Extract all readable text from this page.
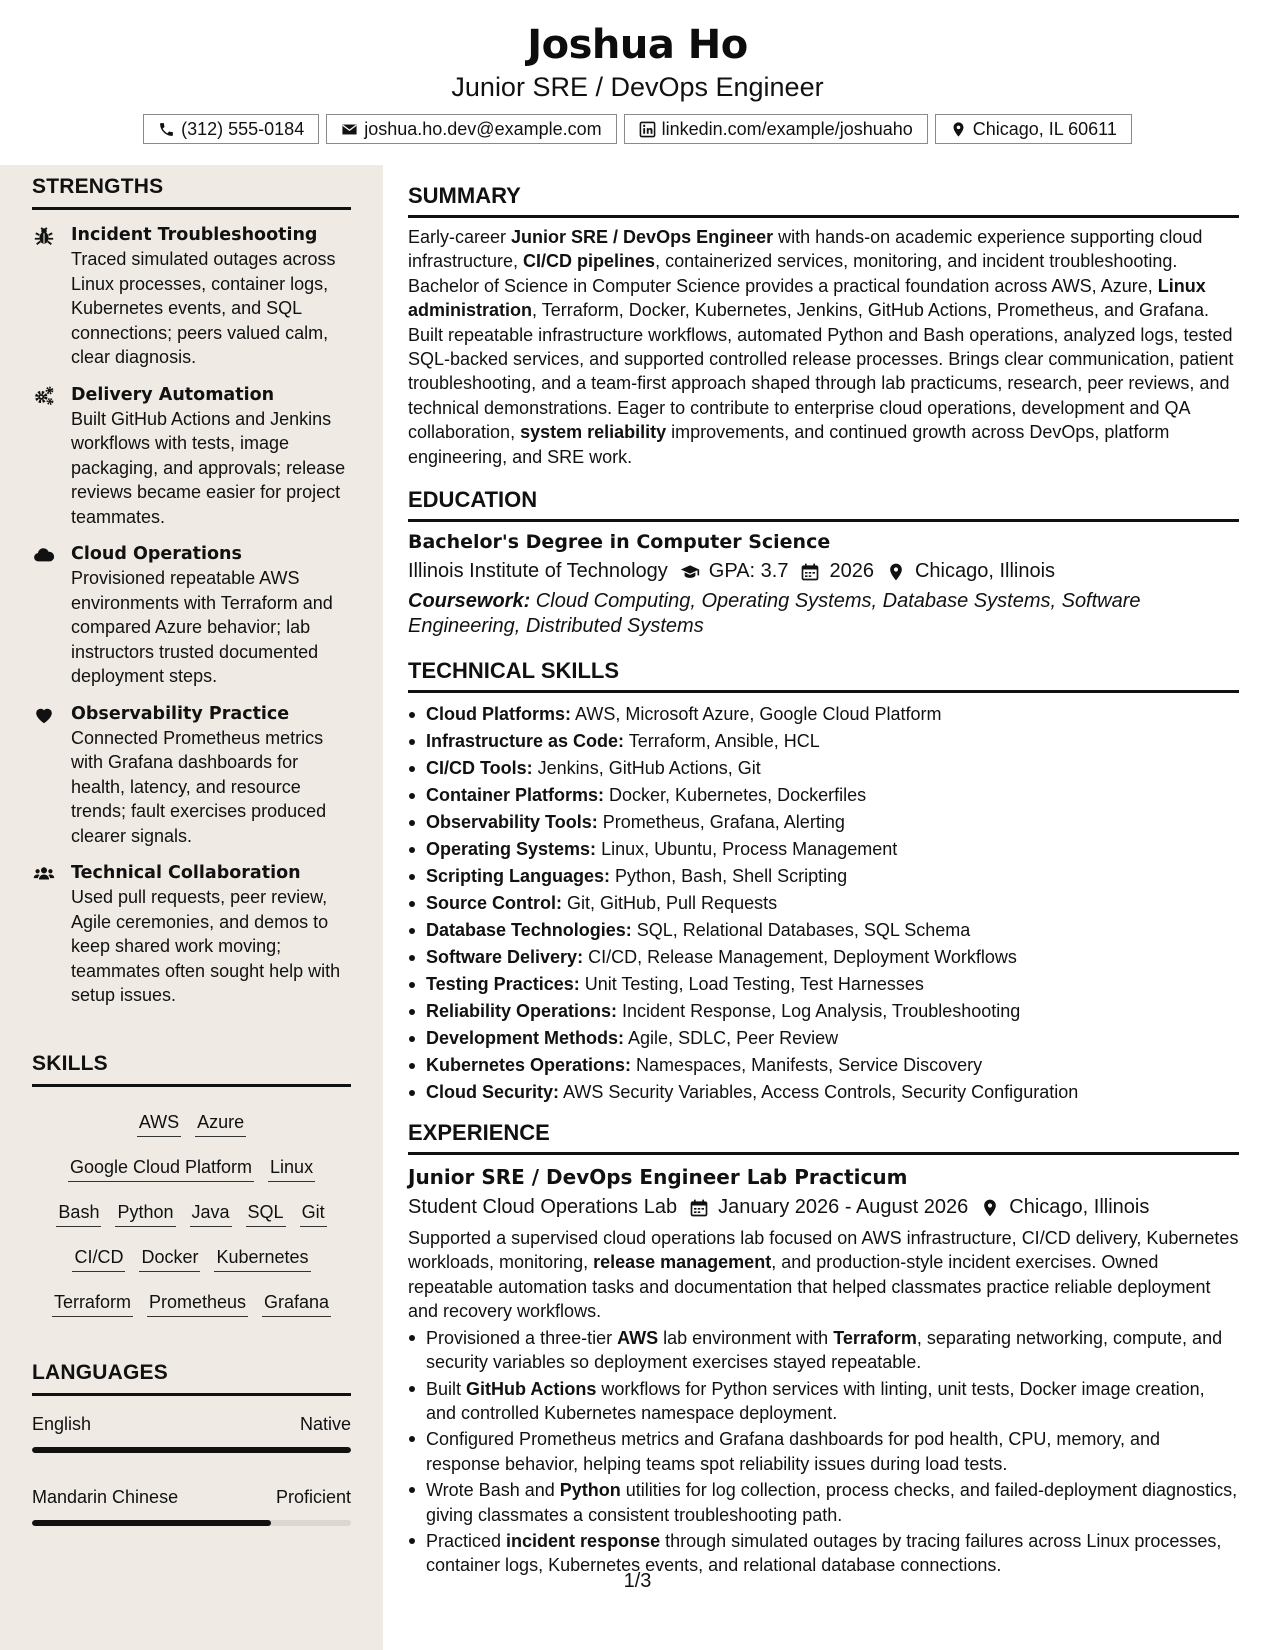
Joshua Ho
Junior SRE / DevOps Engineer
(312) 555-0184	joshua.ho.dev@example.com	linkedin.com/example/joshuaho	Chicago, IL 60611
STRENGTHS
Incident Troubleshooting
Traced simulated outages across Linux processes, container logs, Kubernetes events, and SQL connections; peers valued calm, clear diagnosis.
Delivery Automation
Built GitHub Actions and Jenkins workflows with tests, image packaging, and approvals; release reviews became easier for project teammates.
Cloud Operations
Provisioned repeatable AWS environments with Terraform and compared Azure behavior; lab instructors trusted documented deployment steps.
Observability Practice
Connected Prometheus metrics with Grafana dashboards for health, latency, and resource trends; fault exercises produced clearer signals.
Technical Collaboration
Used pull requests, peer review, Agile ceremonies, and demos to keep shared work moving; teammates often sought help with setup issues.
SKILLS
AWS Azure
Google Cloud Platform Linux
Bash Python Java SQL Git
CI/CD Docker Kubernetes
Terraform Prometheus Grafana
LANGUAGES
English	Native
Mandarin Chinese	Proficient
SUMMARY
Early-career Junior SRE / DevOps Engineer with hands-on academic experience supporting cloud infrastructure, CI/CD pipelines, containerized services, monitoring, and incident troubleshooting. Bachelor of Science in Computer Science provides a practical foundation across AWS, Azure, Linux administration, Terraform, Docker, Kubernetes, Jenkins, GitHub Actions, Prometheus, and Grafana. Built repeatable infrastructure workflows, automated Python and Bash operations, analyzed logs, tested SQL-backed services, and supported controlled release processes. Brings clear communication, patient troubleshooting, and a team-first approach shaped through lab practicums, research, peer reviews, and technical demonstrations. Eager to contribute to enterprise cloud operations, development and QA collaboration, system reliability improvements, and continued growth across DevOps, platform engineering, and SRE work.
EDUCATION
Bachelor's Degree in Computer Science
Illinois Institute of Technology GPA: 3.7 2026 Chicago, Illinois
Coursework: Cloud Computing, Operating Systems, Database Systems, Software Engineering, Distributed Systems
TECHNICAL SKILLS
Cloud Platforms: AWS, Microsoft Azure, Google Cloud Platform
Infrastructure as Code: Terraform, Ansible, HCL
CI/CD Tools: Jenkins, GitHub Actions, Git
Container Platforms: Docker, Kubernetes, Dockerfiles
Observability Tools: Prometheus, Grafana, Alerting
Operating Systems: Linux, Ubuntu, Process Management
Scripting Languages: Python, Bash, Shell Scripting
Source Control: Git, GitHub, Pull Requests
Database Technologies: SQL, Relational Databases, SQL Schema
Software Delivery: CI/CD, Release Management, Deployment Workflows
Testing Practices: Unit Testing, Load Testing, Test Harnesses
Reliability Operations: Incident Response, Log Analysis, Troubleshooting
Development Methods: Agile, SDLC, Peer Review
Kubernetes Operations: Namespaces, Manifests, Service Discovery
Cloud Security: AWS Security Variables, Access Controls, Security Configuration
EXPERIENCE
Junior SRE / DevOps Engineer Lab Practicum
Student Cloud Operations Lab January 2026 - August 2026 Chicago, Illinois
Supported a supervised cloud operations lab focused on AWS infrastructure, CI/CD delivery, Kubernetes workloads, monitoring, release management, and production-style incident exercises. Owned repeatable automation tasks and documentation that helped classmates practice reliable deployment and recovery workflows.
Provisioned a three-tier AWS lab environment with Terraform, separating networking, compute, and security variables so deployment exercises stayed repeatable.
Built GitHub Actions workflows for Python services with linting, unit tests, Docker image creation, and controlled Kubernetes namespace deployment.
Configured Prometheus metrics and Grafana dashboards for pod health, CPU, memory, and response behavior, helping teams spot reliability issues during load tests.
Wrote Bash and Python utilities for log collection, process checks, and failed-deployment diagnostics, giving classmates a consistent troubleshooting path.
Practiced incident response through simulated outages by tracing failures across Linux processes, container logs, Kubernetes events, and relational database connections.
1/3
